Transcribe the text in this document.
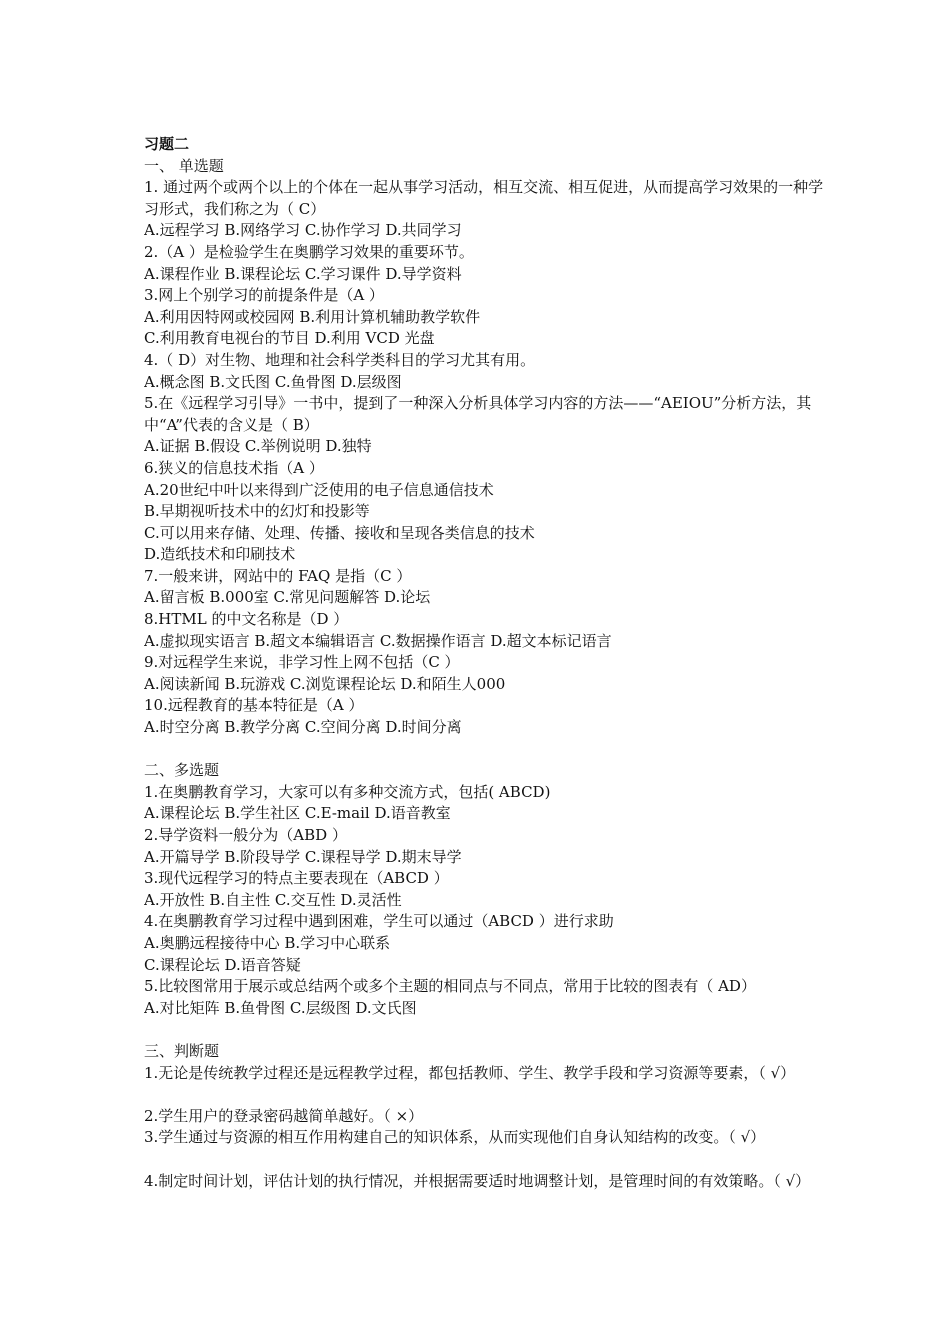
习题二
一、 单选题
1. 通过两个或两个以上的个体在一起从事学习活动，相互交流、相互促进，从而提高学习效果的一种学习形式，我们称之为（ C）
A.远程学习 B.网络学习 C.协作学习 D.共同学习
2.（A ）是检验学生在奥鹏学习效果的重要环节。
A.课程作业 B.课程论坛 C.学习课件 D.导学资料
3.网上个别学习的前提条件是（A ）
A.利用因特网或校园网 B.利用计算机辅助教学软件
C.利用教育电视台的节目 D.利用 VCD 光盘
4.（ D）对生物、地理和社会科学类科目的学习尤其有用。
A.概念图 B.文氏图 C.鱼骨图 D.层级图
5.在《远程学习引导》一书中，提到了一种深入分析具体学习内容的方法——“AEIOU”分析方法，其中“A”代表的含义是（ B）
A.证据 B.假设 C.举例说明 D.独特
6.狭义的信息技术指（A ）
A.20世纪中叶以来得到广泛使用的电子信息通信技术
B.早期视听技术中的幻灯和投影等
C.可以用来存储、处理、传播、接收和呈现各类信息的技术
D.造纸技术和印刷技术
7.一般来讲，网站中的 FAQ 是指（C ）
A.留言板 B.000室 C.常见问题解答 D.论坛
8.HTML 的中文名称是（D ）
A.虚拟现实语言 B.超文本编辑语言 C.数据操作语言 D.超文本标记语言
9.对远程学生来说，非学习性上网不包括（C ）
A.阅读新闻 B.玩游戏 C.浏览课程论坛 D.和陌生人000
10.远程教育的基本特征是（A ）
A.时空分离 B.教学分离 C.空间分离 D.时间分离
二、多选题
1.在奥鹏教育学习，大家可以有多种交流方式，包括( ABCD)
A.课程论坛 B.学生社区 C.E-mail D.语音教室
2.导学资料一般分为（ABD ）
A.开篇导学 B.阶段导学 C.课程导学 D.期末导学
3.现代远程学习的特点主要表现在（ABCD ）
A.开放性 B.自主性 C.交互性 D.灵活性
4.在奥鹏教育学习过程中遇到困难，学生可以通过（ABCD ）进行求助
A.奥鹏远程接待中心 B.学习中心联系
C.课程论坛 D.语音答疑
5.比较图常用于展示或总结两个或多个主题的相同点与不同点，常用于比较的图表有（ AD）
A.对比矩阵 B.鱼骨图 C.层级图 D.文氏图
三、判断题
1.无论是传统教学过程还是远程教学过程，都包括教师、学生、教学手段和学习资源等要素，（ √）
2.学生用户的登录密码越简单越好。（ ×）
3.学生通过与资源的相互作用构建自己的知识体系，从而实现他们自身认知结构的改变。（ √）
4.制定时间计划，评估计划的执行情况，并根据需要适时地调整计划，是管理时间的有效策略。（ √）
